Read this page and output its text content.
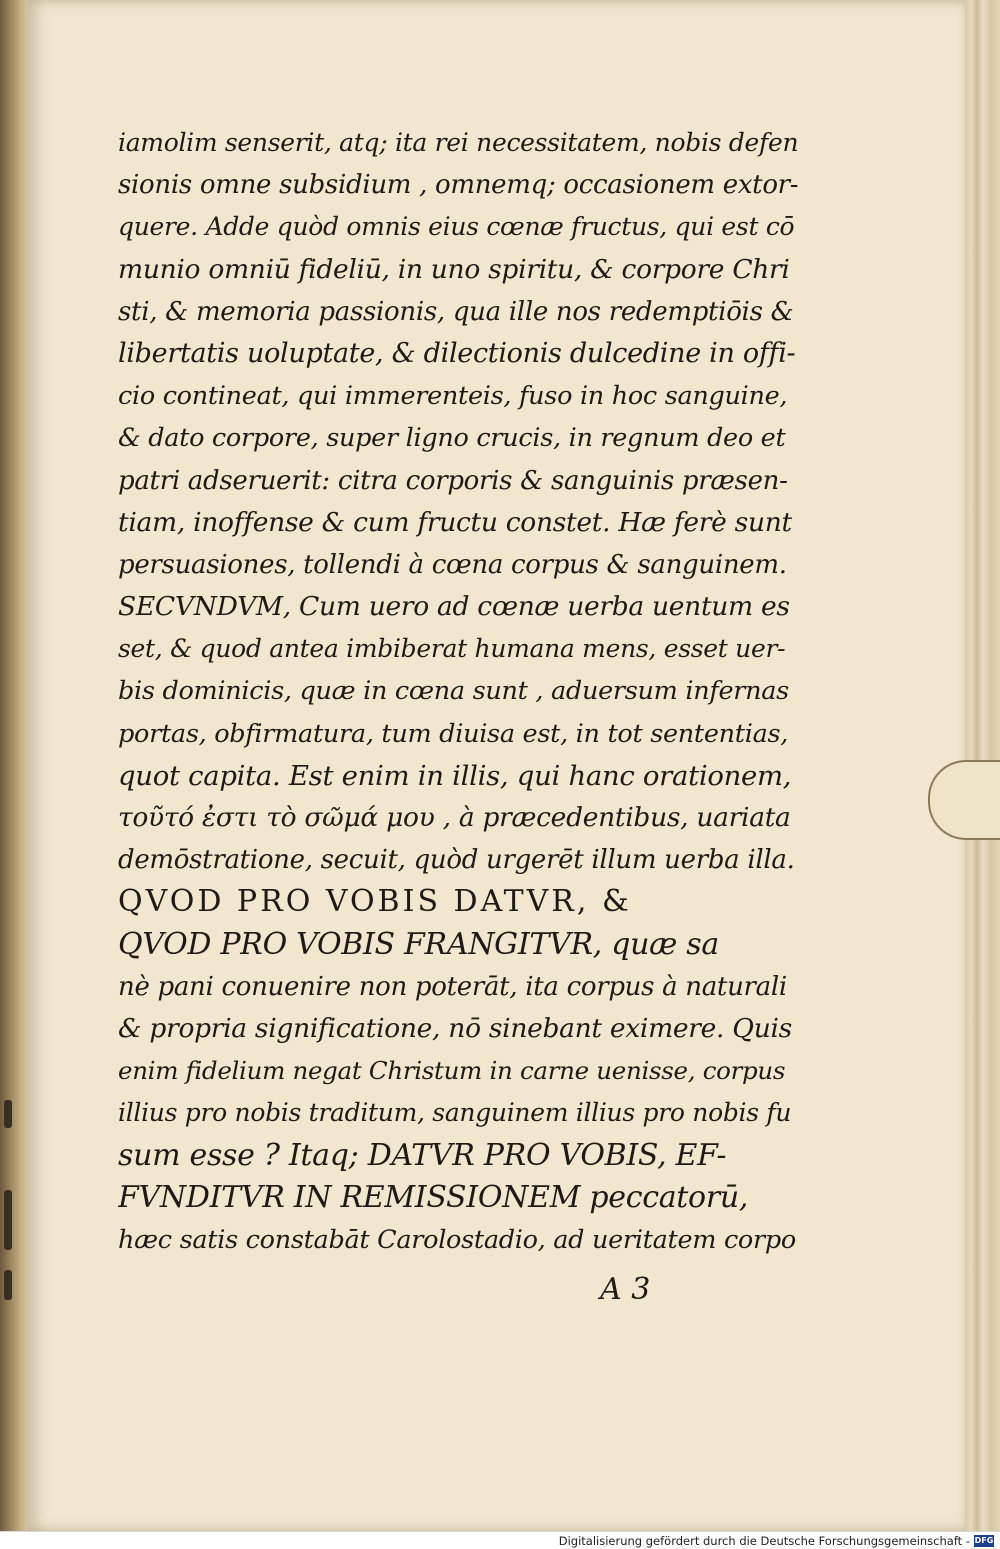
iamolim senserit, atq; ita rei necessitatem, nobis defen
sionis omne subsidium , omnemq; occasionem extor-
quere. Adde quòd omnis eius cœnæ fructus, qui est cō
munio omniū fideliū, in uno spiritu, & corpore Chri
sti, & memoria passionis, qua ille nos redemptiōis &
libertatis uoluptate, & dilectionis dulcedine in offi-
cio contineat, qui immerenteis, fuso in hoc sanguine,
& dato corpore, super ligno crucis, in regnum deo et
patri adseruerit: citra corporis & sanguinis præsen-
tiam, inoffense & cum fructu constet. Hæ ferè sunt
persuasiones, tollendi à cœna corpus & sanguinem.
SECVNDVM, Cum uero ad cœnæ uerba uentum es
set, & quod antea imbiberat humana mens, esset uer-
bis dominicis, quæ in cœna sunt , aduersum infernas
portas, obfirmatura, tum diuisa est, in tot sententias,
quot capita. Est enim in illis, qui hanc orationem,
τοῦτό ἐστι τὸ σῶμά μου , à præcedentibus, uariata
demōstratione, secuit, quòd urgerēt illum uerba illa.
QVOD PRO VOBIS DATVR, &
QVOD PRO VOBIS FRANGITVR, quæ sa
nè pani conuenire non poterāt, ita corpus à naturali
& propria significatione, nō sinebant eximere. Quis
enim fidelium negat Christum in carne uenisse, corpus
illius pro nobis traditum, sanguinem illius pro nobis fu
sum esse ? Itaq; DATVR PRO VOBIS, EF-
FVNDITVR IN REMISSIONEM peccatorū,
hæc satis constabāt Carolostadio, ad ueritatem corpo
A 3
Digitalisierung gefördert durch die Deutsche Forschungsgemeinschaft - DFG
